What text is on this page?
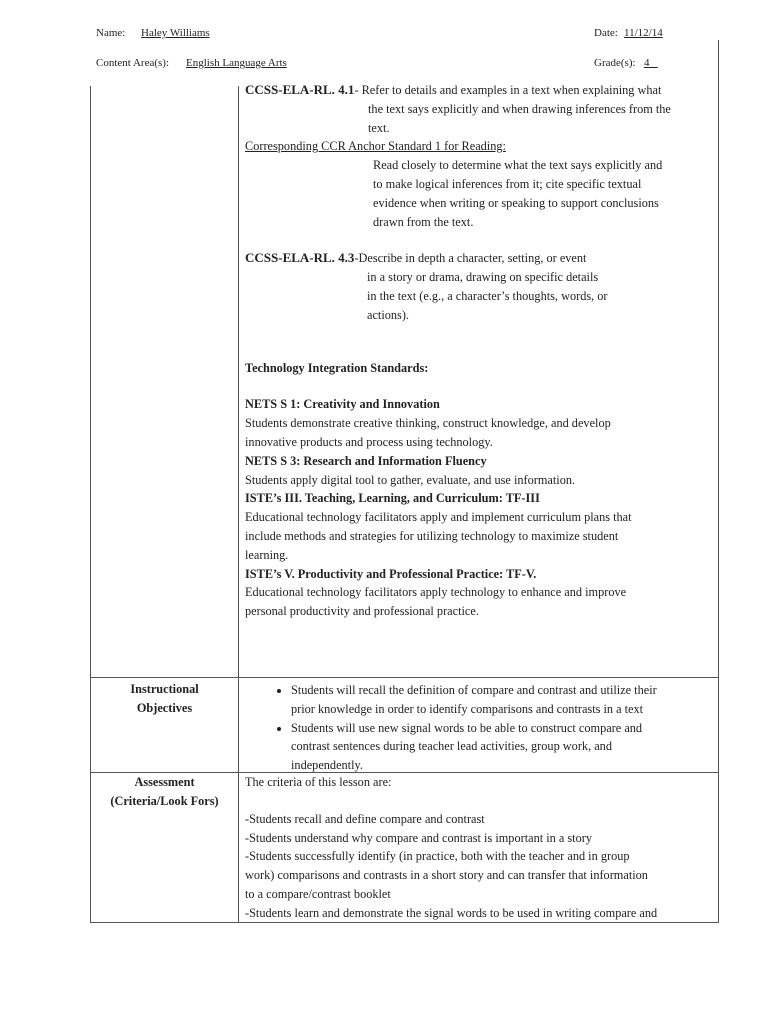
Name: Haley Williams	Date: 11/12/14
Content Area(s): English Language Arts	Grade(s): 4

CCSS-ELA-RL. 4.1- Refer to details and examples in a text when explaining what

the text says explicitly and when drawing inferences from the

text.

Corresponding CCR Anchor Standard 1 for Reading:

Read closely to determine what the text says explicitly and

to make logical inferences from it; cite specific textual

evidence when writing or speaking to support conclusions

drawn from the text.

CCSS-ELA-RL. 4.3-Describe in depth a character, setting, or event

in a story or drama, drawing on specific details

in the text (e.g., a character’s thoughts, words, or

actions).

Technology Integration Standards:

NETS S 1: Creativity and Innovation

Students demonstrate creative thinking, construct knowledge, and develop

innovative products and process using technology.

NETS S 3: Research and Information Fluency

Students apply digital tool to gather, evaluate, and use information.

ISTE’s III. Teaching, Learning, and Curriculum: TF-III

Educational technology facilitators apply and implement curriculum plans that

include methods and strategies for utilizing technology to maximize student

learning.

ISTE’s V. Productivity and Professional Practice: TF-V.

Educational technology facilitators apply technology to enhance and improve

personal productivity and professional practice.

Instructional
Objectives
• Students will recall the definition of compare and contrast and utilize their
prior knowledge in order to identify comparisons and contrasts in a text
• Students will use new signal words to be able to construct compare and
contrast sentences during teacher lead activities, group work, and
independently.
Assessment
(Criteria/Look Fors)

The criteria of this lesson are:

-Students recall and define compare and contrast

-Students understand why compare and contrast is important in a story

-Students successfully identify (in practice, both with the teacher and in group

work) comparisons and contrasts in a short story and can transfer that information

to a compare/contrast booklet

-Students learn and demonstrate the signal words to be used in writing compare and
